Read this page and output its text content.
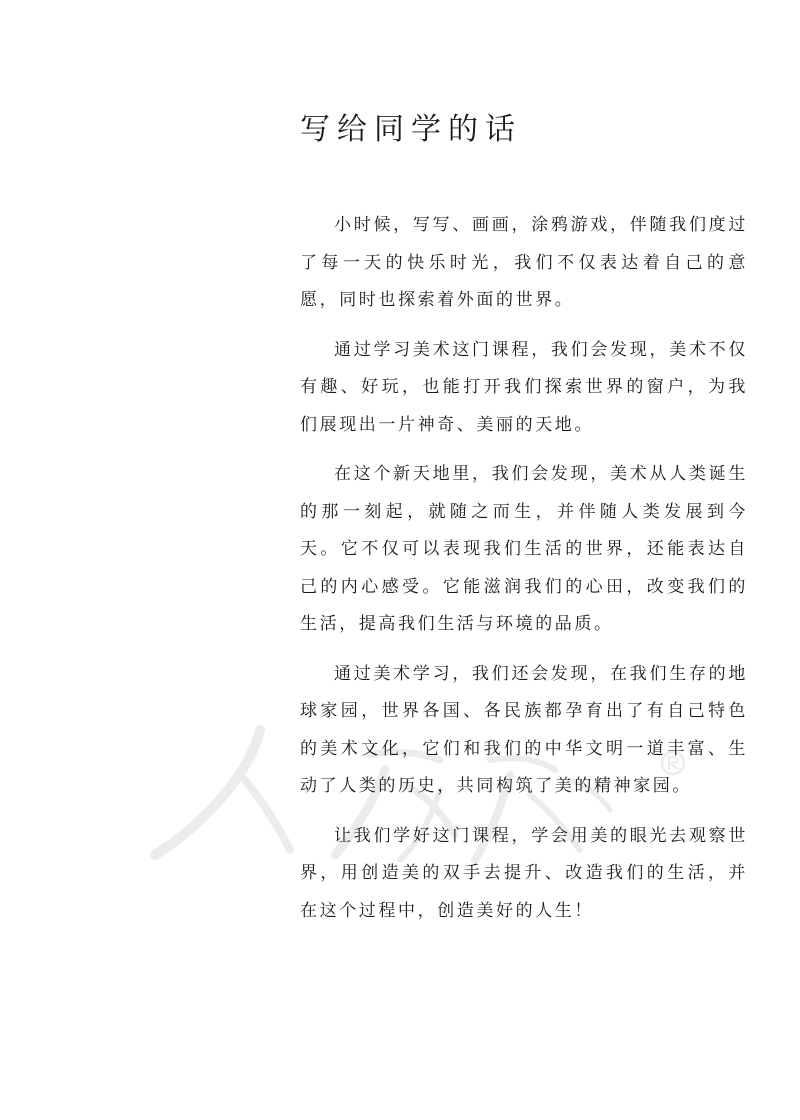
写给同学的话

小时候，写写、画画，涂鸦游戏，伴随我们度过了每一天的快乐时光，我们不仅表达着自己的意愿，同时也探索着外面的世界。

通过学习美术这门课程，我们会发现，美术不仅有趣、好玩，也能打开我们探索世界的窗户，为我们展现出一片神奇、美丽的天地。

在这个新天地里，我们会发现，美术从人类诞生的那一刻起，就随之而生，并伴随人类发展到今天。它不仅可以表现我们生活的世界，还能表达自己的内心感受。它能滋润我们的心田，改变我们的生活，提高我们生活与环境的品质。

通过美术学习，我们还会发现，在我们生存的地球家园，世界各国、各民族都孕育出了有自己特色的美术文化，它们和我们的中华文明一道丰富、生动了人类的历史，共同构筑了美的精神家园。

让我们学好这门课程，学会用美的眼光去观察世界，用创造美的双手去提升、改造我们的生活，并在这个过程中，创造美好的人生！
